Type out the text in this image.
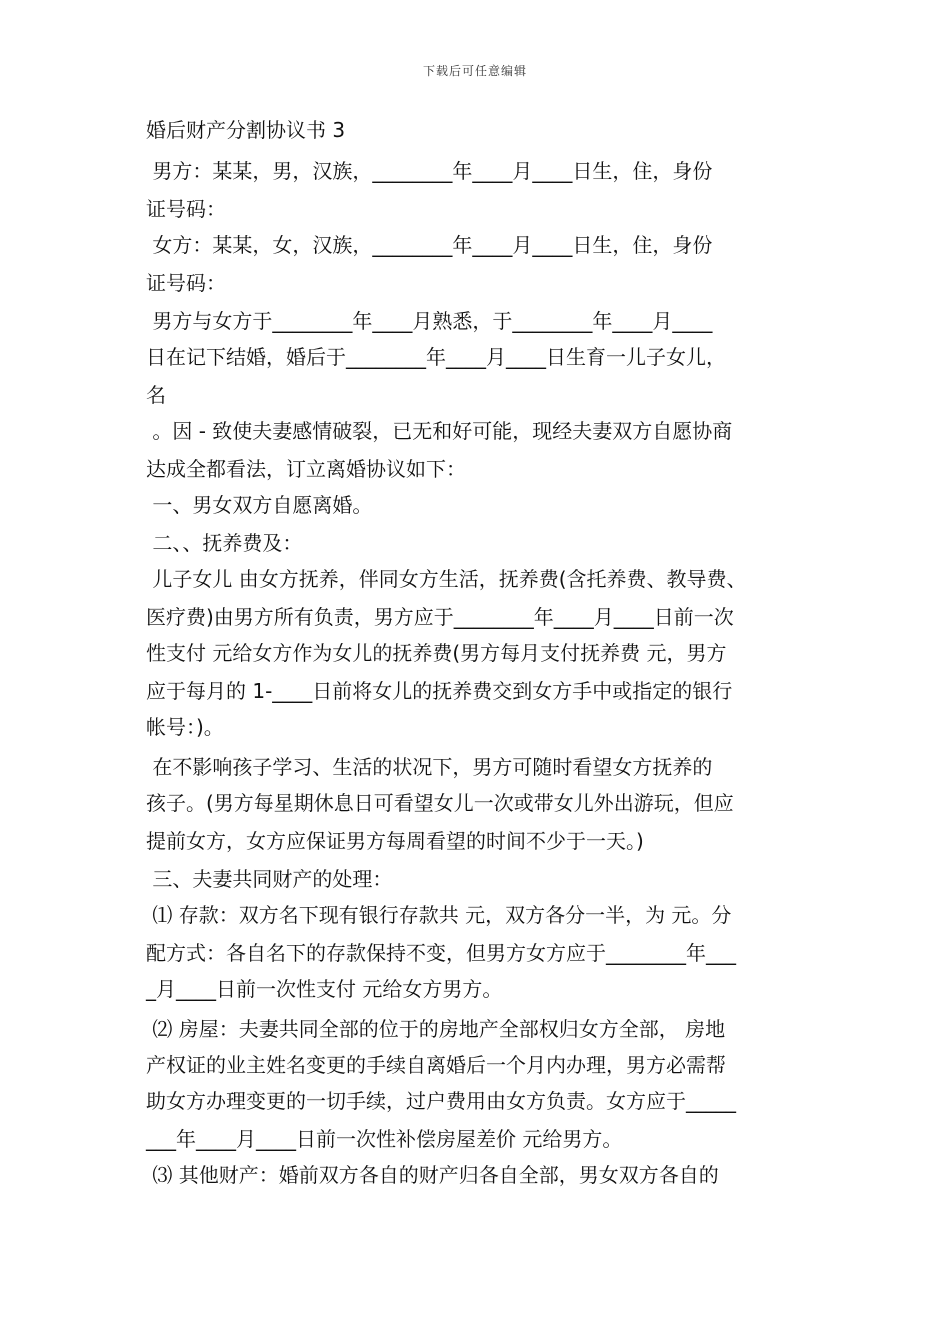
下载后可任意编辑
婚后财产分割协议书 3
男方：某某，男，汉族，________年____月____日生，住，身份
证号码：
女方：某某，女，汉族，________年____月____日生，住，身份
证号码：
男方与女方于________年____月熟悉，于________年____月____
日在记下结婚，婚后于________年____月____日生育一儿子女儿，
名
。因 - 致使夫妻感情破裂，已无和好可能，现经夫妻双方自愿协商
达成全都看法，订立离婚协议如下：
一、男女双方自愿离婚。
二、、抚养费及：
儿子女儿 由女方抚养，伴同女方生活，抚养费(含托养费、教导费、
医疗费)由男方所有负责，男方应于________年____月____日前一次
性支付 元给女方作为女儿的抚养费(男方每月支付抚养费 元，男方
应于每月的 1-____日前将女儿的抚养费交到女方手中或指定的银行
帐号：)。
在不影响孩子学习、生活的状况下，男方可随时看望女方抚养的
孩子。(男方每星期休息日可看望女儿一次或带女儿外出游玩，但应
提前女方，女方应保证男方每周看望的时间不少于一天。)
三、夫妻共同财产的处理：
⑴ 存款：双方名下现有银行存款共 元，双方各分一半，为 元。分
配方式：各自名下的存款保持不变，但男方女方应于________年___
_月____日前一次性支付 元给女方男方。
⑵ 房屋：夫妻共同全部的位于的房地产全部权归女方全部， 房地
产权证的业主姓名变更的手续自离婚后一个月内办理，男方必需帮
助女方办理变更的一切手续，过户费用由女方负责。女方应于_____
___年____月____日前一次性补偿房屋差价 元给男方。
⑶ 其他财产：婚前双方各自的财产归各自全部，男女双方各自的
